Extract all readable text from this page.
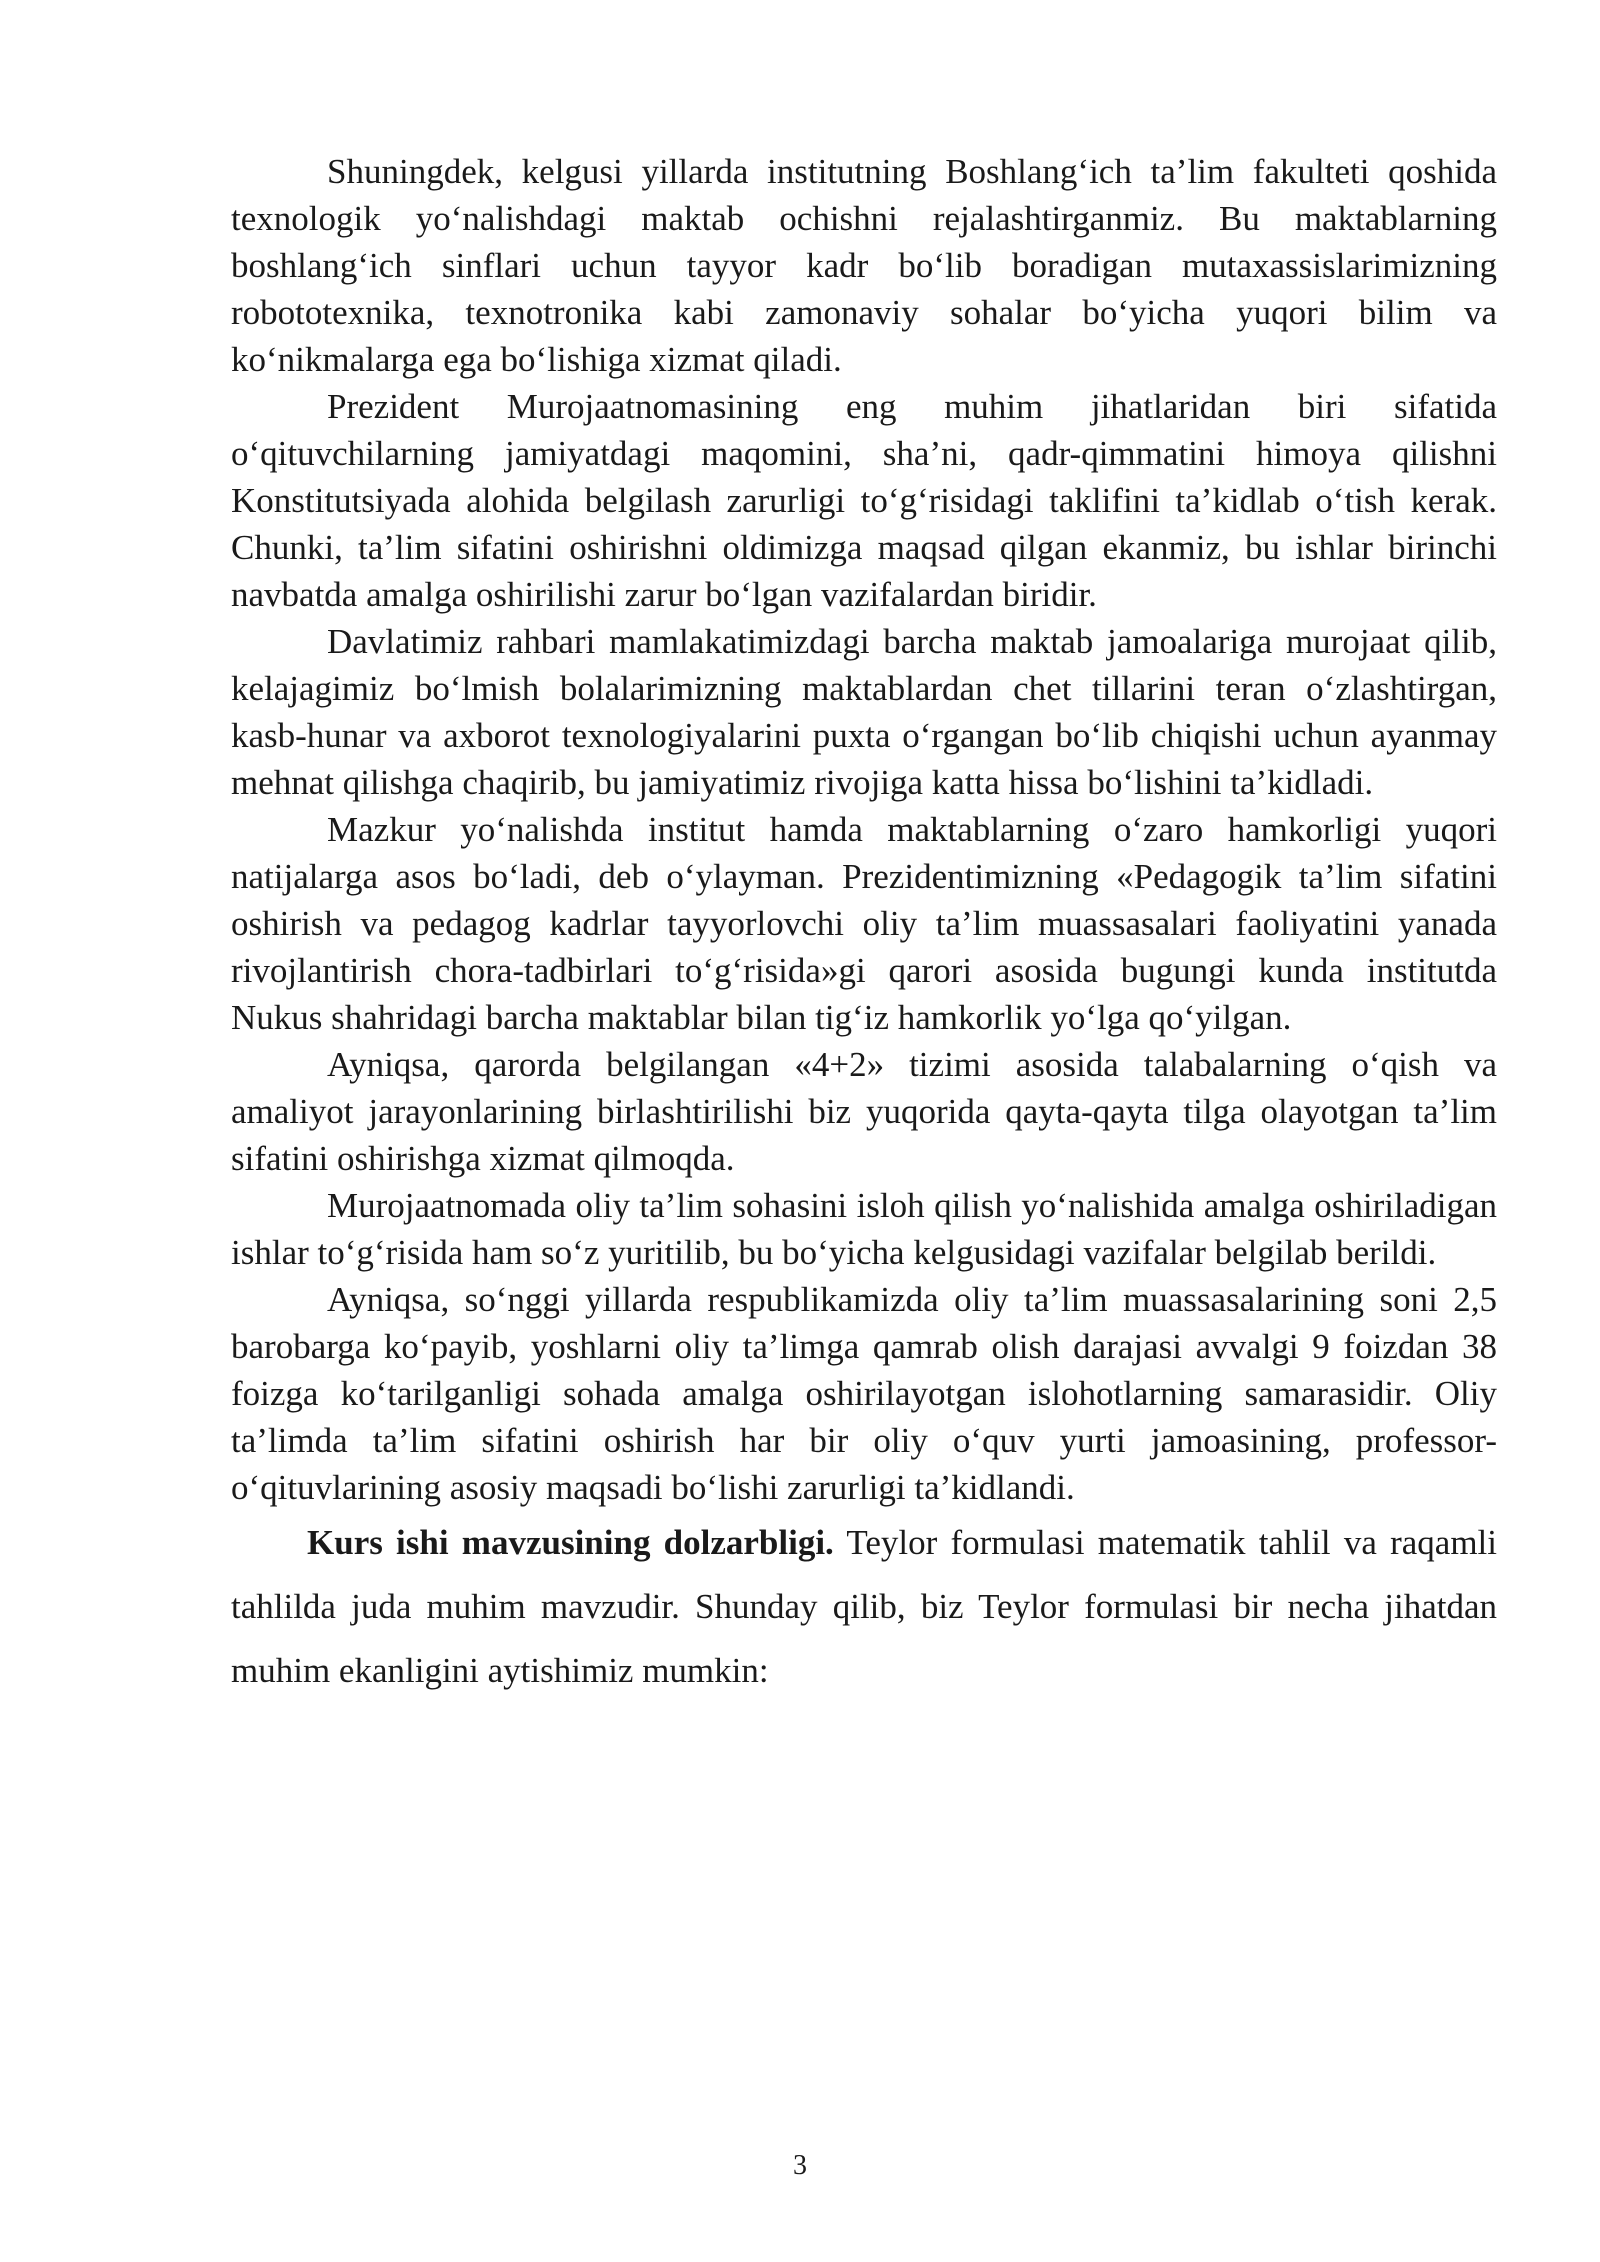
Shuningdek, kelgusi yillarda institutning Boshlang‘ich ta’lim fakulteti qoshida texnologik yo‘nalishdagi maktab ochishni rejalashtirganmiz. Bu maktablarning boshlang‘ich sinflari uchun tayyor kadr bo‘lib boradigan mutaxassislarimizning robototexnika, texnotronika kabi zamonaviy sohalar bo‘yicha yuqori bilim va ko‘nikmalarga ega bo‘lishiga xizmat qiladi.

Prezident Murojaatnomasining eng muhim jihatlaridan biri sifatida o‘qituvchilarning jamiyatdagi maqomini, sha’ni, qadr-qimmatini himoya qilishni Konstitutsiyada alohida belgilash zarurligi to‘g‘risidagi taklifini ta’kidlab o‘tish kerak. Chunki, ta’lim sifatini oshirishni oldimizga maqsad qilgan ekanmiz, bu ishlar birinchi navbatda amalga oshirilishi zarur bo‘lgan vazifalardan biridir.

Davlatimiz rahbari mamlakatimizdagi barcha maktab jamoalariga murojaat qilib, kelajagimiz bo‘lmish bolalarimizning maktablardan chet tillarini teran o‘zlashtirgan, kasb-hunar va axborot texnologiyalarini puxta o‘rgangan bo‘lib chiqishi uchun ayanmay mehnat qilishga chaqirib, bu jamiyatimiz rivojiga katta hissa bo‘lishini ta’kidladi.

Mazkur yo‘nalishda institut hamda maktablarning o‘zaro hamkorligi yuqori natijalarga asos bo‘ladi, deb o‘ylayman. Prezidentimizning «Pedagogik ta’lim sifatini oshirish va pedagog kadrlar tayyorlovchi oliy ta’lim muassasalari faoliyatini yanada rivojlantirish chora-tadbirlari to‘g‘risida»gi qarori asosida bugungi kunda institutda Nukus shahridagi barcha maktablar bilan tig‘iz hamkorlik yo‘lga qo‘yilgan.

Ayniqsa, qarorda belgilangan «4+2» tizimi asosida talabalarning o‘qish va amaliyot jarayonlarining birlashtirilishi biz yuqorida qayta-qayta tilga olayotgan ta’lim sifatini oshirishga xizmat qilmoqda.

Murojaatnomada oliy ta’lim sohasini isloh qilish yo‘nalishida amalga oshiriladigan ishlar to‘g‘risida ham so‘z yuritilib, bu bo‘yicha kelgusidagi vazifalar belgilab berildi.

Ayniqsa, so‘nggi yillarda respublikamizda oliy ta’lim muassasalarining soni 2,5 barobarga ko‘payib, yoshlarni oliy ta’limga qamrab olish darajasi avvalgi 9 foizdan 38 foizga ko‘tarilganligi sohada amalga oshirilayotgan islohotlarning samarasidir. Oliy ta’limda ta’lim sifatini oshirish har bir oliy o‘quv yurti jamoasining, professor-o‘qituvlarining asosiy maqsadi bo‘lishi zarurligi ta’kidlandi.

Kurs ishi mavzusining dolzarbligi. Teylor formulasi matematik tahlil va raqamli tahlilda juda muhim mavzudir. Shunday qilib, biz Teylor formulasi bir necha jihatdan muhim ekanligini aytishimiz mumkin:

3
